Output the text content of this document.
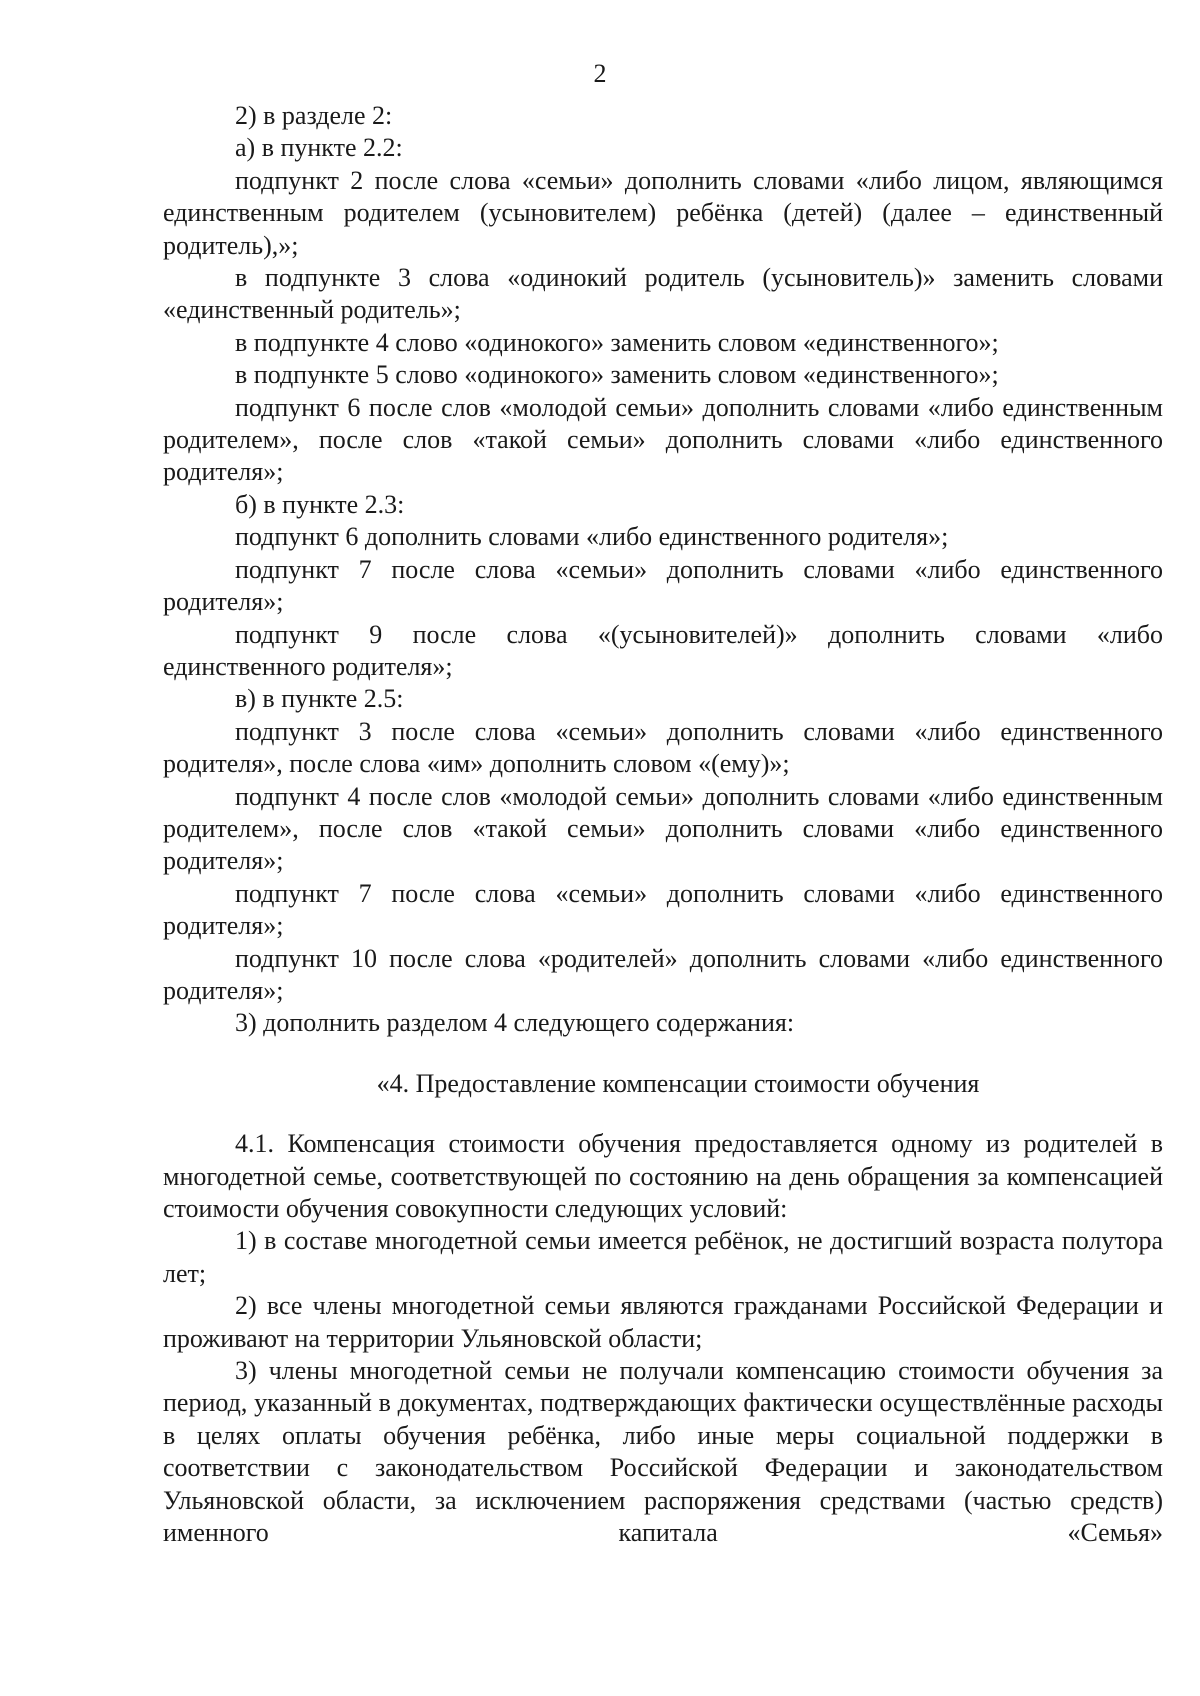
2

2) в разделе 2:

а) в пункте 2.2:

подпункт 2 после слова «семьи» дополнить словами «либо лицом, являющимся единственным родителем (усыновителем) ребёнка (детей) (далее – единственный родитель),»;

в подпункте 3 слова «одинокий родитель (усыновитель)» заменить словами «единственный родитель»;

в подпункте 4 слово «одинокого» заменить словом «единственного»;

в подпункте 5 слово «одинокого» заменить словом «единственного»;

подпункт 6 после слов «молодой семьи» дополнить словами «либо единственным родителем», после слов «такой семьи» дополнить словами «либо единственного родителя»;

б) в пункте 2.3:

подпункт 6 дополнить словами «либо единственного родителя»;

подпункт 7 после слова «семьи» дополнить словами «либо единственного родителя»;

подпункт 9 после слова «(усыновителей)» дополнить словами «либо единственного родителя»;

в) в пункте 2.5:

подпункт 3 после слова «семьи» дополнить словами «либо единственного родителя», после слова «им» дополнить словом «(ему)»;

подпункт 4 после слов «молодой семьи» дополнить словами «либо единственным родителем», после слов «такой семьи» дополнить словами «либо единственного родителя»;

подпункт 7 после слова «семьи» дополнить словами «либо единственного родителя»;

подпункт 10 после слова «родителей» дополнить словами «либо единственного родителя»;

3) дополнить разделом 4 следующего содержания:

«4. Предоставление компенсации стоимости обучения

4.1. Компенсация стоимости обучения предоставляется одному из родителей в многодетной семье, соответствующей по состоянию на день обращения за компенсацией стоимости обучения совокупности следующих условий:

1) в составе многодетной семьи имеется ребёнок, не достигший возраста полутора лет;

2) все члены многодетной семьи являются гражданами Российской Федерации и проживают на территории Ульяновской области;

3) члены многодетной семьи не получали компенсацию стоимости обучения за период, указанный в документах, подтверждающих фактически осуществлённые расходы в целях оплаты обучения ребёнка, либо иные меры социальной поддержки в соответствии с законодательством Российской Федерации и законодательством Ульяновской области, за исключением распоряжения средствами (частью средств) именного капитала «Семья»
